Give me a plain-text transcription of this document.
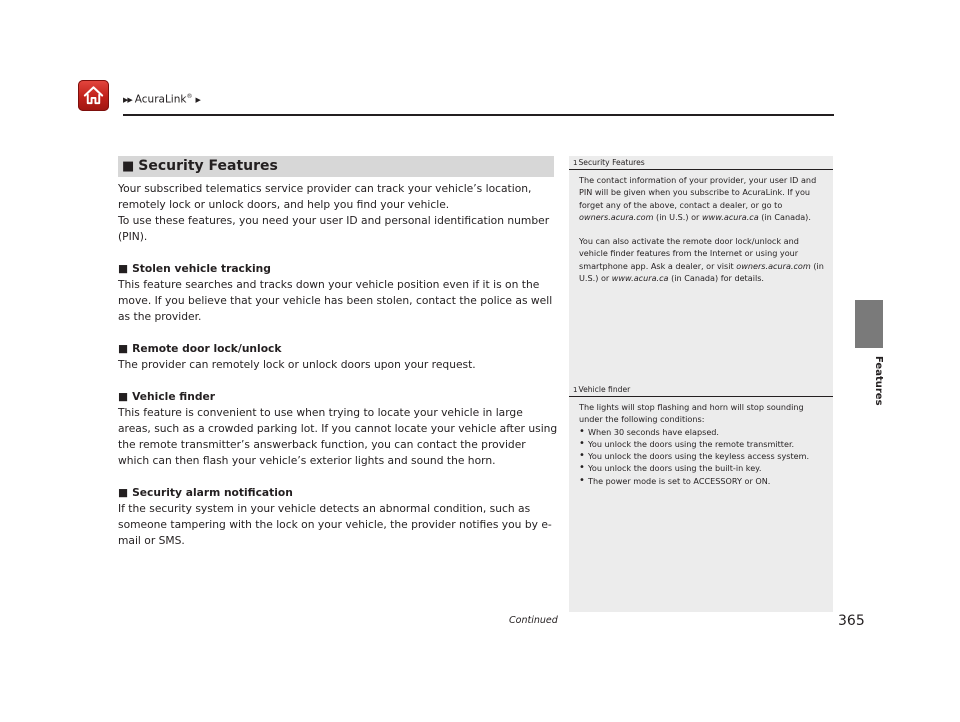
▶▶ AcuraLink® ▶
Features
■ Security Features

Your subscribed telematics service provider can track your vehicle’s location, remotely lock or unlock doors, and help you find your vehicle.

To use these features, you need your user ID and personal identification number (PIN).

■ Stolen vehicle tracking

This feature searches and tracks down your vehicle position even if it is on the move. If you believe that your vehicle has been stolen, contact the police as well as the provider.

■ Remote door lock/unlock

The provider can remotely lock or unlock doors upon your request.

■ Vehicle finder

This feature is convenient to use when trying to locate your vehicle in large areas, such as a crowded parking lot. If you cannot locate your vehicle after using the remote transmitter’s answerback function, you can contact the provider which can then flash your vehicle’s exterior lights and sound the horn.

■ Security alarm notification

If the security system in your vehicle detects an abnormal condition, such as someone tampering with the lock on your vehicle, the provider notifies you by e-mail or SMS.

1Security Features

The contact information of your provider, your user ID and PIN will be given when you subscribe to AcuraLink. If you forget any of the above, contact a dealer, or go to owners.acura.com (in U.S.) or www.acura.ca (in Canada).

You can also activate the remote door lock/unlock and vehicle finder features from the Internet or using your smartphone app. Ask a dealer, or visit owners.acura.com (in U.S.) or www.acura.ca (in Canada) for details.

1Vehicle finder

The lights will stop flashing and horn will stop sounding under the following conditions:

• When 30 seconds have elapsed.
• You unlock the doors using the remote transmitter.
• You unlock the doors using the keyless access system.
• You unlock the doors using the built-in key.
• The power mode is set to ACCESSORY or ON.
Continued	365
